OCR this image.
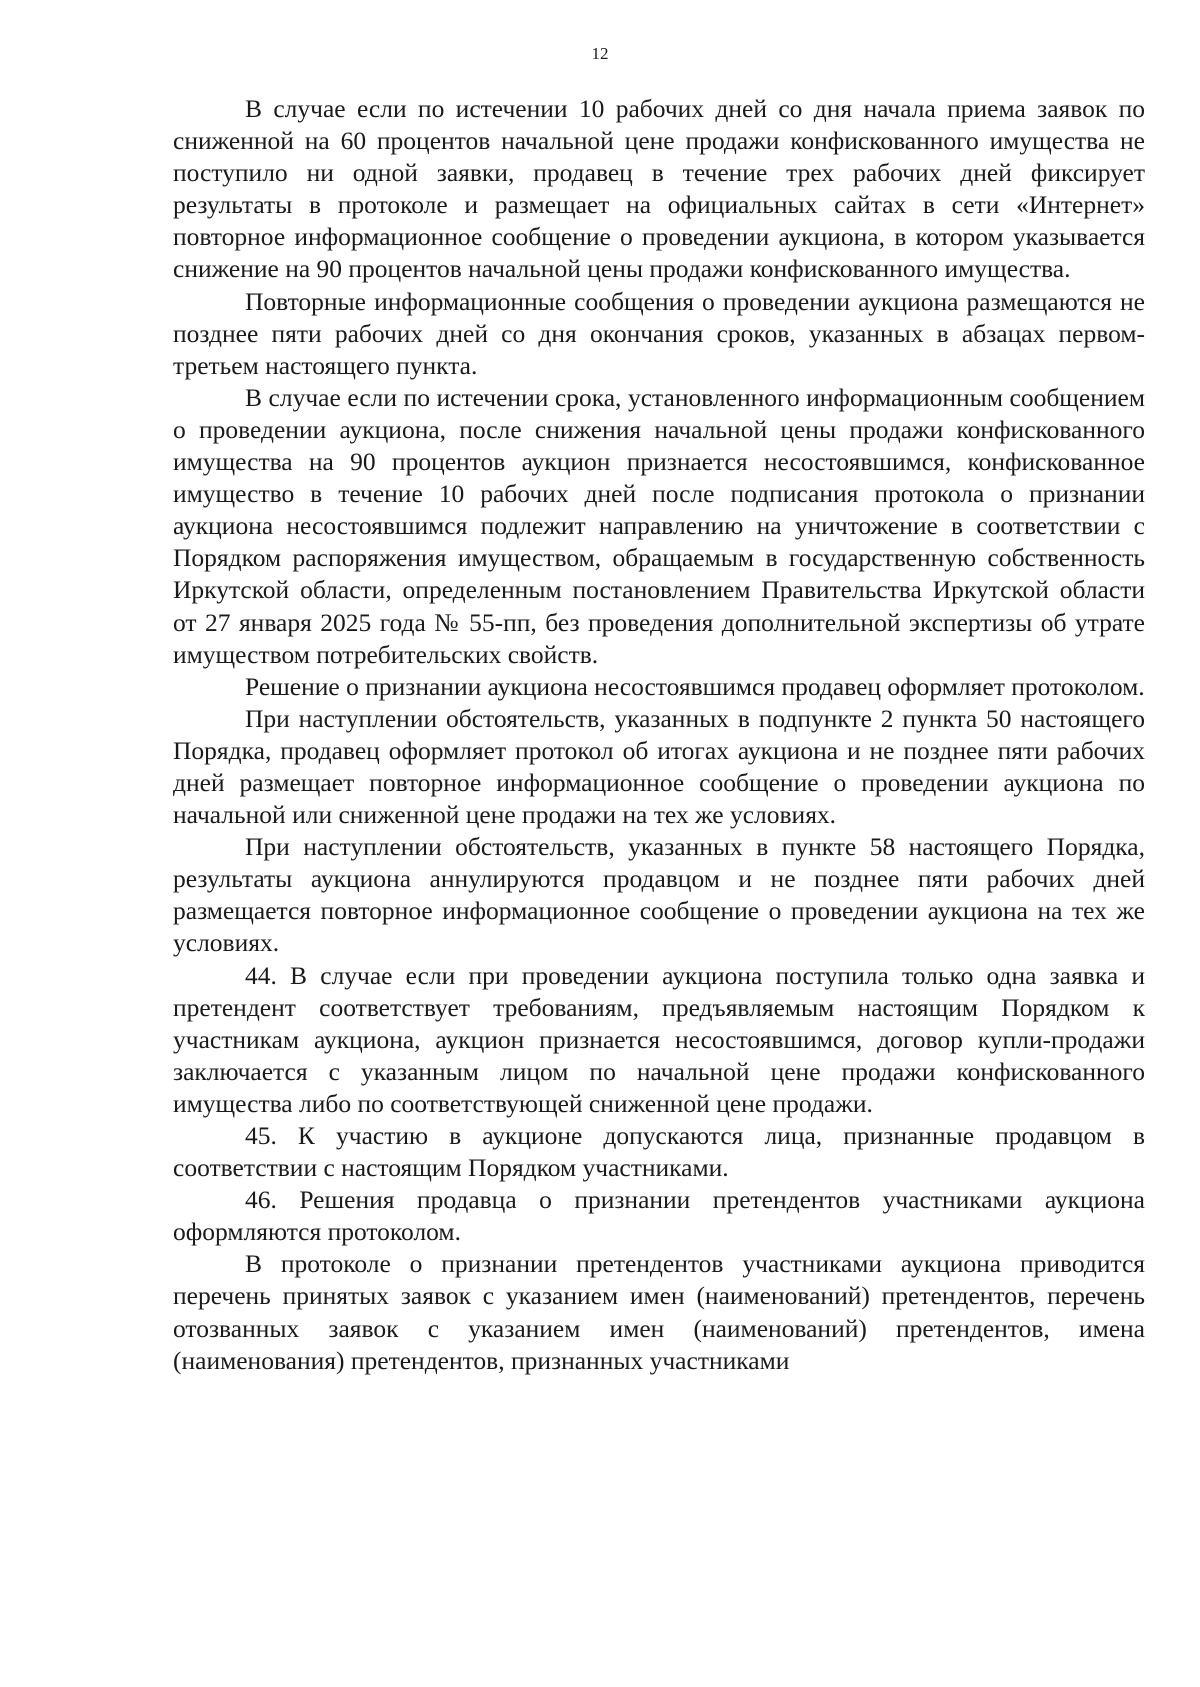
12

В случае если по истечении 10 рабочих дней со дня начала приема заявок по сниженной на 60 процентов начальной цене продажи конфискованного имущества не поступило ни одной заявки, продавец в течение трех рабочих дней фиксирует результаты в протоколе и размещает на официальных сайтах в сети «Интернет» повторное информационное сообщение о проведении аукциона, в котором указывается снижение на 90 процентов начальной цены продажи конфискованного имущества.

Повторные информационные сообщения о проведении аукциона размещаются не позднее пяти рабочих дней со дня окончания сроков, указанных в абзацах первом-третьем настоящего пункта.

В случае если по истечении срока, установленного информационным сообщением о проведении аукциона, после снижения начальной цены продажи конфискованного имущества на 90 процентов аукцион признается несостоявшимся, конфискованное имущество в течение 10 рабочих дней после подписания протокола о признании аукциона несостоявшимся подлежит направлению на уничтожение в соответствии с Порядком распоряжения имуществом, обращаемым в государственную собственность Иркутской области, определенным постановлением Правительства Иркутской области от 27 января 2025 года № 55-пп, без проведения дополнительной экспертизы об утрате имуществом потребительских свойств.

Решение о признании аукциона несостоявшимся продавец оформляет протоколом.

При наступлении обстоятельств, указанных в подпункте 2 пункта 50 настоящего Порядка, продавец оформляет протокол об итогах аукциона и не позднее пяти рабочих дней размещает повторное информационное сообщение о проведении аукциона по начальной или сниженной цене продажи на тех же условиях.

При наступлении обстоятельств, указанных в пункте 58 настоящего Порядка, результаты аукциона аннулируются продавцом и не позднее пяти рабочих дней размещается повторное информационное сообщение о проведении аукциона на тех же условиях.

44. В случае если при проведении аукциона поступила только одна заявка и претендент соответствует требованиям, предъявляемым настоящим Порядком к участникам аукциона, аукцион признается несостоявшимся, договор купли-продажи заключается с указанным лицом по начальной цене продажи конфискованного имущества либо по соответствующей сниженной цене продажи.

45. К участию в аукционе допускаются лица, признанные продавцом в соответствии с настоящим Порядком участниками.

46. Решения продавца о признании претендентов участниками аукциона оформляются протоколом.

В протоколе о признании претендентов участниками аукциона приводится перечень принятых заявок с указанием имен (наименований) претендентов, перечень отозванных заявок с указанием имен (наименований) претендентов, имена (наименования) претендентов, признанных участниками
